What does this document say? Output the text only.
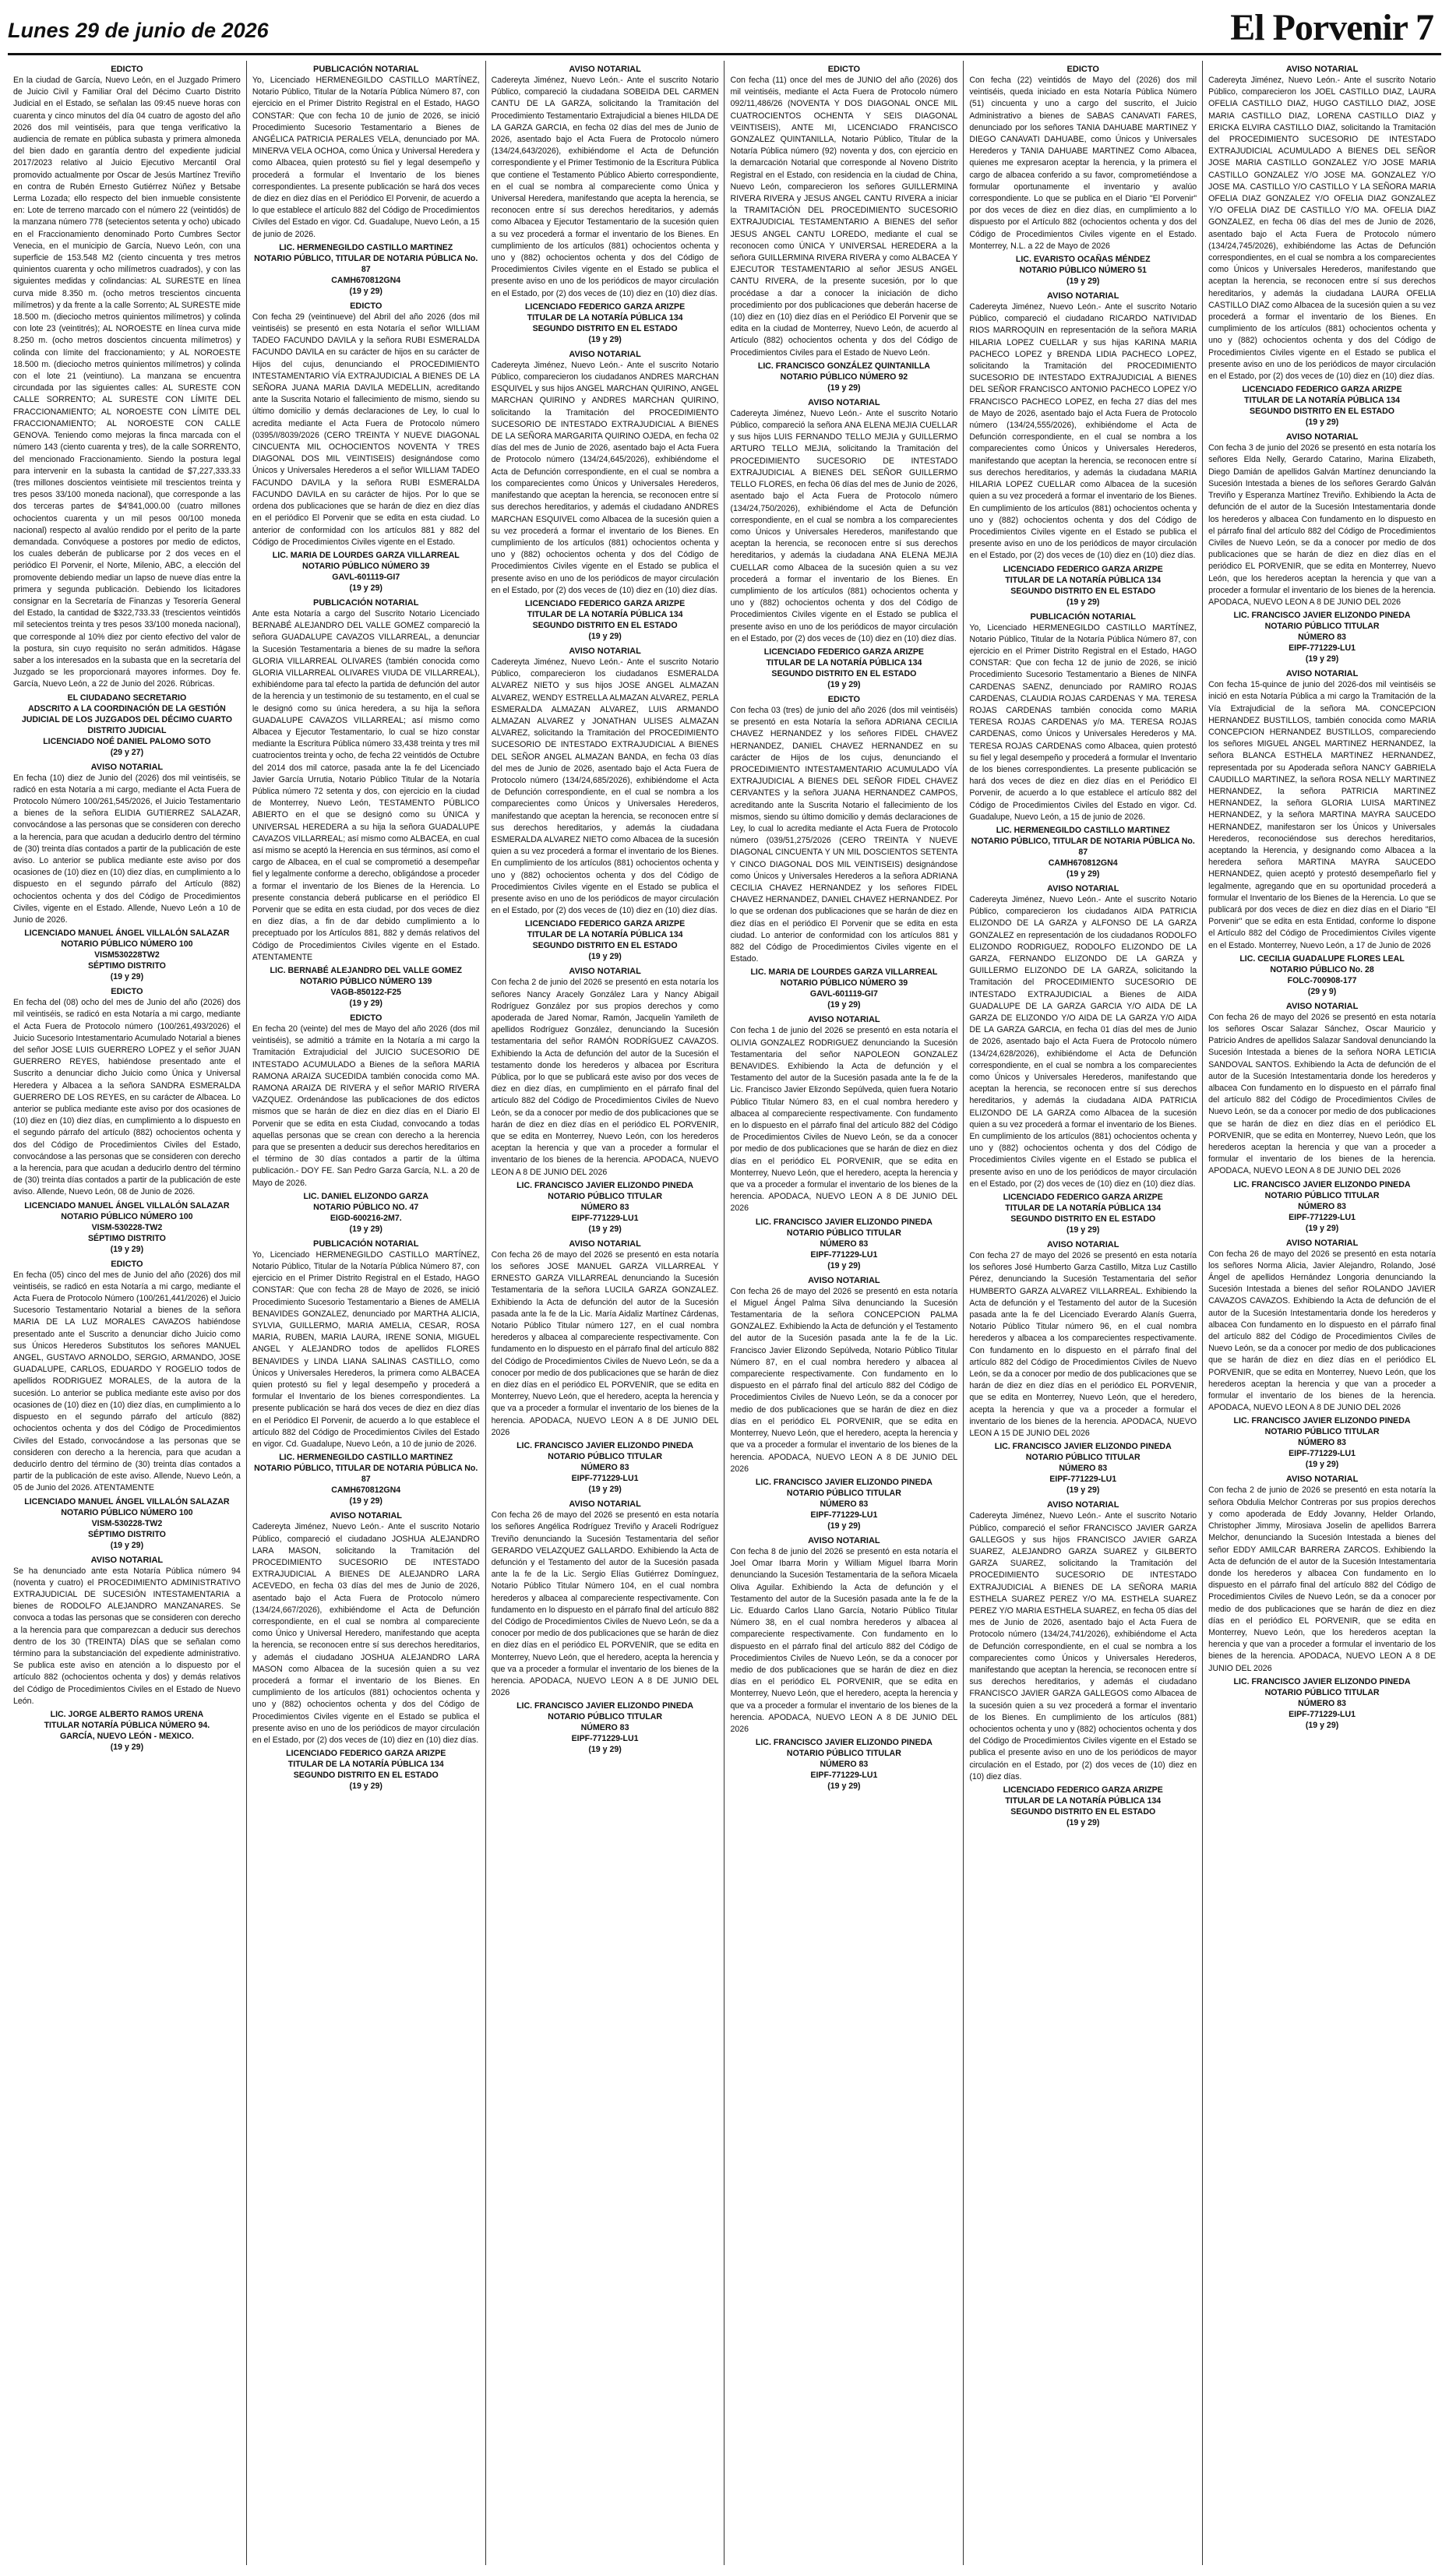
Lunes 29 de junio de 2026	El Porvenir 7
EDICTO
En la ciudad de García, Nuevo León, en el Juzgado Primero de Juicio Civil y Familiar Oral del Décimo Cuarto Distrito Judicial en el Estado, se señalan las 09:45 nueve horas con cuarenta y cinco minutos del día 04 cuatro de agosto del año 2026 dos mil veintiséis, para que tenga verificativo la audiencia de remate en pública subasta y primera almoneda del bien dado en garantía dentro del expediente judicial 2017/2023 relativo al Juicio Ejecutivo Mercantil Oral promovido actualmente por Oscar de Jesús Martínez Treviño en contra de Rubén Ernesto Gutiérrez Núñez y Betsabe Lerma Lozada; ello respecto del bien inmueble consistente en: Lote de terreno marcado con el número 22 (veintidós) de la manzana número 778 (setecientos setenta y ocho) ubicado en el Fraccionamiento denominado Porto Cumbres Sector Venecia, en el municipio de García, Nuevo León, con una superficie de 153.548 M2 (ciento cincuenta y tres metros quinientos cuarenta y ocho milímetros cuadrados), y con las siguientes medidas y colindancias: AL SURESTE en línea curva mide 8.350 m. (ocho metros trescientos cincuenta milímetros) y da frente a la calle Sorrento; AL SURESTE mide 18.500 m. (dieciocho metros quinientos milímetros) y colinda con lote 23 (veintitrés); AL NOROESTE en línea curva mide 8.250 m. (ocho metros doscientos cincuenta milímetros) y colinda con límite del fraccionamiento; y AL NOROESTE 18.500 m. (dieciocho metros quinientos milímetros) y colinda con el lote 21 (veintiuno). La manzana se encuentra circundada por las siguientes calles: AL SURESTE CON CALLE SORRENTO; AL SURESTE CON LÍMITE DEL FRACCIONAMIENTO; AL NOROESTE CON LÍMITE DEL FRACCIONAMIENTO; AL NOROESTE CON CALLE GENOVA. Teniendo como mejoras la finca marcada con el número 143 (ciento cuarenta y tres), de la calle SORRENTO, del mencionado Fraccionamiento. Siendo la postura legal para intervenir en la subasta la cantidad de $7,227,333.33 (tres millones doscientos veintisiete mil trescientos treinta y tres pesos 33/100 moneda nacional), que corresponde a las dos terceras partes de $4'841,000.00 (cuatro millones ochocientos cuarenta y un mil pesos 00/100 moneda nacional) respecto al avalúo rendido por el perito de la parte demandada. Convóquese a postores por medio de edictos, los cuales deberán de publicarse por 2 dos veces en el periódico El Porvenir, el Norte, Milenio, ABC, a elección del promovente debiendo mediar un lapso de nueve días entre la primera y segunda publicación. Debiendo los licitadores consignar en la Secretaría de Finanzas y Tesorería General del Estado, la cantidad de $322,733.33 (trescientos veintidós mil setecientos treinta y tres pesos 33/100 moneda nacional), que corresponde al 10% diez por ciento efectivo del valor de la postura, sin cuyo requisito no serán admitidos. Hágase saber a los interesados en la subasta que en la secretaría del Juzgado se les proporcionará mayores informes. Doy fe. García, Nuevo León, a 22 de Junio del 2026. Rúbricas.
EL CIUDADANO SECRETARIO
ADSCRITO A LA COORDINACIÓN DE LA GESTIÓN JUDICIAL DE LOS JUZGADOS DEL DÉCIMO CUARTO DISTRITO JUDICIAL
LICENCIADO NOÉ DANIEL PALOMO SOTO
(29 y 27)
AVISO NOTARIAL
En fecha (10) diez de Junio del (2026) dos mil veintiséis, se radicó en esta Notaría a mi cargo, mediante el Acta Fuera de Protocolo Número 100/261,545/2026, el Juicio Testamentario a bienes de la señora ELIDIA GUTIERREZ SALAZAR, convocándose a las personas que se consideren con derecho a la herencia, para que acudan a deducirlo dentro del término de (30) treinta días contados a partir de la publicación de este aviso. Lo anterior se publica mediante este aviso por dos ocasiones de (10) diez en (10) diez días, en cumplimiento a lo dispuesto en el segundo párrafo del Artículo (882) ochocientos ochenta y dos del Código de Procedimientos Civiles, vigente en el Estado. Allende, Nuevo León a 10 de Junio de 2026.
LICENCIADO MANUEL ÁNGEL VILLALÓN SALAZAR
NOTARIO PÚBLICO NÚMERO 100
VISM530228TW2
SÉPTIMO DISTRITO
(19 y 29)
EDICTO
En fecha del (08) ocho del mes de Junio del año (2026) dos mil veintiséis, se radicó en esta Notaría a mi cargo, mediante el Acta Fuera de Protocolo número (100/261,493/2026) el Juicio Sucesorio Intestamentario Acumulado Notarial a bienes del señor JOSE LUIS GUERRERO LOPEZ y el señor JUAN GUERRERO REYES, habiéndose presentado ante el Suscrito a denunciar dicho Juicio como Única y Universal Heredera y Albacea a la señora SANDRA ESMERALDA GUERRERO DE LOS REYES, en su carácter de Albacea. Lo anterior se publica mediante este aviso por dos ocasiones de (10) diez en (10) diez días, en cumplimiento a lo dispuesto en el segundo párrafo del artículo (882) ochocientos ochenta y dos del Código de Procedimientos Civiles del Estado, convocándose a las personas que se consideren con derecho a la herencia, para que acudan a deducirlo dentro del término de (30) treinta días contados a partir de la publicación de este aviso. Allende, Nuevo León, 08 de Junio de 2026.
LICENCIADO MANUEL ÁNGEL VILLALÓN SALAZAR
NOTARIO PÚBLICO NÚMERO 100
VISM-530228-TW2
SÉPTIMO DISTRITO
(19 y 29)
EDICTO
En fecha (05) cinco del mes de Junio del año (2026) dos mil veintiséis, se radicó en esta Notaría a mi cargo, mediante el Acta Fuera de Protocolo Número (100/261,441/2026) el Juicio Sucesorio Testamentario Notarial a bienes de la señora MARIA DE LA LUZ MORALES CAVAZOS habiéndose presentado ante el Suscrito a denunciar dicho Juicio como sus Únicos Herederos Substitutos los señores MANUEL ANGEL, GUSTAVO ARNOLDO, SERGIO, ARMANDO, JOSE GUADALUPE, CARLOS, EDUARDO Y ROGELIO todos de apellidos RODRIGUEZ MORALES, de la autora de la sucesión. Lo anterior se publica mediante este aviso por dos ocasiones de (10) diez en (10) diez días, en cumplimiento a lo dispuesto en el segundo párrafo del artículo (882) ochocientos ochenta y dos del Código de Procedimientos Civiles del Estado, convocándose a las personas que se consideren con derecho a la herencia, para que acudan a deducirlo dentro del término de (30) treinta días contados a partir de la publicación de este aviso. Allende, Nuevo León, a 05 de Junio del 2026. ATENTAMENTE
LICENCIADO MANUEL ÁNGEL VILLALÓN SALAZAR
NOTARIO PÚBLICO NÚMERO 100
VISM-530228-TW2
SÉPTIMO DISTRITO
(19 y 29)
AVISO NOTARIAL
Se ha denunciado ante esta Notaría Pública número 94 (noventa y cuatro) el PROCEDIMIENTO ADMINISTRATIVO EXTRAJUDICIAL DE SUCESIÓN INTESTAMENTARIA a bienes de RODOLFO ALEJANDRO MANZANARES. Se convoca a todas las personas que se consideren con derecho a la herencia para que comparezcan a deducir sus derechos dentro de los 30 (TREINTA) DÍAS que se señalan como término para la substanciación del expediente administrativo. Se publica este aviso en atención a lo dispuesto por el artículo 882 (ochocientos ochenta y dos) y demás relativos del Código de Procedimientos Civiles en el Estado de Nuevo León.
LIC. JORGE ALBERTO RAMOS URENA
TITULAR NOTARÍA PÚBLICA NÚMERO 94.
GARCÍA, NUEVO LEÓN - MEXICO.
(19 y 29)
PUBLICACIÓN NOTARIAL
Yo, Licenciado HERMENEGILDO CASTILLO MARTÍNEZ, Notario Público, Titular de la Notaría Pública Número 87, con ejercicio en el Primer Distrito Registral en el Estado, HAGO CONSTAR: Que con fecha 10 de junio de 2026, se inició Procedimiento Sucesorio Testamentario a Bienes de ANGÉLICA PATRICIA PERALES VELA, denunciado por MA. MINERVA VELA OCHOA, como Única y Universal Heredera y como Albacea, quien protestó su fiel y legal desempeño y procederá a formular el Inventario de los bienes correspondientes. La presente publicación se hará dos veces de diez en diez días en el Periódico El Porvenir, de acuerdo a lo que establece el artículo 882 del Código de Procedimientos Civiles del Estado en vigor. Cd. Guadalupe, Nuevo León, a 15 de junio de 2026.
LIC. HERMENEGILDO CASTILLO MARTINEZ
NOTARIO PÚBLICO, TITULAR DE NOTARIA PÚBLICA No. 87
CAMH670812GN4
(19 y 29)
EDICTO
Con fecha 29 (veintinueve) del Abril del año 2026 (dos mil veintiséis) se presentó en esta Notaría el señor WILLIAM TADEO FACUNDO DAVILA y la señora RUBI ESMERALDA FACUNDO DAVILA en su carácter de hijos en su carácter de Hijos del cujus, denunciando el PROCEDIMIENTO INTESTAMENTARIO VÍA EXTRAJUDICIAL A BIENES DE LA SEÑORA JUANA MARIA DAVILA MEDELLIN, acreditando ante la Suscrita Notario el fallecimiento de mismo, siendo su último domicilio y demás declaraciones de Ley, lo cual lo acredita mediante el Acta Fuera de Protocolo número (0395/I/8039/2026 (CERO TREINTA Y NUEVE DIAGONAL CINCUENTA MIL OCHOCIENTOS NOVENTA Y TRES DIAGONAL DOS MIL VEINTISEIS) designándose como Únicos y Universales Herederos a el señor WILLIAM TADEO FACUNDO DAVILA y la señora RUBI ESMERALDA FACUNDO DAVILA en su carácter de hijos. Por lo que se ordena dos publicaciones que se harán de diez en diez días en el periódico El Porvenir que se edita en esta ciudad. Lo anterior de conformidad con los artículos 881 y 882 del Código de Procedimientos Civiles vigente en el Estado.
LIC. MARIA DE LOURDES GARZA VILLARREAL
NOTARIO PÚBLICO NÚMERO 39
GAVL-601119-GI7
(19 y 29)
PUBLICACIÓN NOTARIAL
Ante esta Notaría a cargo del Suscrito Notario Licenciado BERNABÉ ALEJANDRO DEL VALLE GOMEZ compareció la señora GUADALUPE CAVAZOS VILLARREAL, a denunciar la Sucesión Testamentaria a bienes de su madre la señora GLORIA VILLARREAL OLIVARES (también conocida como GLORIA VILLARREAL OLIVARES VIUDA DE VILLARREAL), exhibiéndome para tal efecto la partida de defunción del autor de la herencia y un testimonio de su testamento, en el cual se le designó como su única heredera, a su hija la señora GUADALUPE CAVAZOS VILLARREAL; así mismo como Albacea y Ejecutor Testamentario, lo cual se hizo constar mediante la Escritura Pública número 33,438 treinta y tres mil cuatrocientos treinta y ocho, de fecha 22 veintidós de Octubre del 2014 dos mil catorce, pasada ante la fe del Licenciado Javier García Urrutia, Notario Público Titular de la Notaría Pública número 72 setenta y dos, con ejercicio en la ciudad de Monterrey, Nuevo León, TESTAMENTO PÚBLICO ABIERTO en el que se designó como su ÚNICA y UNIVERSAL HEREDERA a su hija la señora GUADALUPE CAVAZOS VILLARREAL; así mismo como ALBACEA, en cual así mismo se aceptó la Herencia en sus términos, así como el cargo de Albacea, en el cual se comprometió a desempeñar fiel y legalmente conforme a derecho, obligándose a proceder a formar el inventario de los Bienes de la Herencia. Lo presente constancia deberá publicarse en el periódico El Porvenir que se edita en esta ciudad, por dos veces de diez en diez días, a fin de dar debido cumplimiento a lo preceptuado por los Artículos 881, 882 y demás relativos del Código de Procedimientos Civiles vigente en el Estado. ATENTAMENTE
LIC. BERNABÉ ALEJANDRO DEL VALLE GOMEZ
NOTARIO PÚBLICO NÚMERO 139
VAGB-850122-F25
(19 y 29)
EDICTO
En fecha 20 (veinte) del mes de Mayo del año 2026 (dos mil veintiséis), se admitió a trámite en la Notaría a mi cargo la Tramitación Extrajudicial del JUICIO SUCESORIO DE INTESTADO ACUMULADO a Bienes de la señora MARIA RAMONA ARAIZA SUCEDIDA también conocida como MA. RAMONA ARAIZA DE RIVERA y el señor MARIO RIVERA VAZQUEZ. Ordenándose las publicaciones de dos edictos mismos que se harán de diez en diez días en el Diario El Porvenir que se edita en esta Ciudad, convocando a todas aquellas personas que se crean con derecho a la herencia para que se presenten a deducir sus derechos hereditarios en el término de 30 días contados a partir de la última publicación.- DOY FE. San Pedro Garza García, N.L. a 20 de Mayo de 2026.
LIC. DANIEL ELIZONDO GARZA
NOTARIO PÚBLICO NO. 47
EIGD-600216-2M7.
(19 y 29)
PUBLICACIÓN NOTARIAL
Yo, Licenciado HERMENEGILDO CASTILLO MARTÍNEZ, Notario Público, Titular de la Notaría Pública Número 87, con ejercicio en el Primer Distrito Registral en el Estado, HAGO CONSTAR: Que con fecha 28 de Mayo de 2026, se inició Procedimiento Sucesorio Testamentario a Bienes de AMELIA BENAVIDES GONZALEZ, denunciado por MARTHA ALICIA, SYLVIA, GUILLERMO, MARIA AMELIA, CESAR, ROSA MARIA, RUBEN, MARIA LAURA, IRENE SONIA, MIGUEL ANGEL Y ALEJANDRO todos de apellidos FLORES BENAVIDES y LINDA LIANA SALINAS CASTILLO, como Únicos y Universales Herederos, la primera como ALBACEA quien protestó su fiel y legal desempeño y procederá a formular el Inventario de los bienes correspondientes. La presente publicación se hará dos veces de diez en diez días en el Periódico El Porvenir, de acuerdo a lo que establece el artículo 882 del Código de Procedimientos Civiles del Estado en vigor. Cd. Guadalupe, Nuevo León, a 10 de junio de 2026.
LIC. HERMENEGILDO CASTILLO MARTINEZ
NOTARIO PÚBLICO, TITULAR DE NOTARIA PÚBLICA No. 87
CAMH670812GN4
(19 y 29)
AVISO NOTARIAL
Cadereyta Jiménez, Nuevo León.- Ante el suscrito Notario Público, compareció el ciudadano JOSHUA ALEJANDRO LARA MASON, solicitando la Tramitación del PROCEDIMIENTO SUCESORIO DE INTESTADO EXTRAJUDICIAL A BIENES DE ALEJANDRO LARA ACEVEDO, en fecha 03 días del mes de Junio de 2026, asentado bajo el Acta Fuera de Protocolo número (134/24,667/2026), exhibiéndome el Acta de Defunción correspondiente, en el cual se nombra al compareciente como Único y Universal Heredero, manifestando que acepta la herencia, se reconocen entre sí sus derechos hereditarios, y además el ciudadano JOSHUA ALEJANDRO LARA MASON como Albacea de la sucesión quien a su vez procederá a formar el inventario de los Bienes. En cumplimiento de los artículos (881) ochocientos ochenta y uno y (882) ochocientos ochenta y dos del Código de Procedimientos Civiles vigente en el Estado se publica el presente aviso en uno de los periódicos de mayor circulación en el Estado, por (2) dos veces de (10) diez en (10) diez días.
LICENCIADO FEDERICO GARZA ARIZPE
TITULAR DE LA NOTARÍA PÚBLICA 134
SEGUNDO DISTRITO EN EL ESTADO
(19 y 29)
AVISO NOTARIAL
Cadereyta Jiménez, Nuevo León.- Ante el suscrito Notario Público, compareció la ciudadana SOBEIDA DEL CARMEN CANTU DE LA GARZA, solicitando la Tramitación del Procedimiento Testamentario Extrajudicial a bienes HILDA DE LA GARZA GARCIA, en fecha 02 días del mes de Junio de 2026, asentado bajo el Acta Fuera de Protocolo número (134/24,643/2026), exhibiéndome el Acta de Defunción correspondiente y el Primer Testimonio de la Escritura Pública que contiene el Testamento Público Abierto correspondiente, en el cual se nombra al compareciente como Única y Universal Heredera, manifestando que acepta la herencia, se reconocen entre sí sus derechos hereditarios, y además como Albacea y Ejecutor Testamentario de la sucesión quien a su vez procederá a formar el inventario de los Bienes. En cumplimiento de los artículos (881) ochocientos ochenta y uno y (882) ochocientos ochenta y dos del Código de Procedimientos Civiles vigente en el Estado se publica el presente aviso en uno de los periódicos de mayor circulación en el Estado, por (2) dos veces de (10) diez en (10) diez días.
LICENCIADO FEDERICO GARZA ARIZPE
TITULAR DE LA NOTARÍA PÚBLICA 134
SEGUNDO DISTRITO EN EL ESTADO
(19 y 29)
AVISO NOTARIAL
Cadereyta Jiménez, Nuevo León.- Ante el suscrito Notario Público, comparecieron los ciudadanos ANDRES MARCHAN ESQUIVEL y sus hijos ANGEL MARCHAN QUIRINO, ANGEL MARCHAN QUIRINO y ANDRES MARCHAN QUIRINO, solicitando la Tramitación del PROCEDIMIENTO SUCESORIO DE INTESTADO EXTRAJUDICIAL A BIENES DE LA SEÑORA MARGARITA QUIRINO OJEDA, en fecha 02 días del mes de Junio de 2026, asentado bajo el Acta Fuera de Protocolo número (134/24,645/2026), exhibiéndome el Acta de Defunción correspondiente, en el cual se nombra a los comparecientes como Únicos y Universales Herederos, manifestando que aceptan la herencia, se reconocen entre sí sus derechos hereditarios, y además el ciudadano ANDRES MARCHAN ESQUIVEL como Albacea de la sucesión quien a su vez procederá a formar el inventario de los Bienes. En cumplimiento de los artículos (881) ochocientos ochenta y uno y (882) ochocientos ochenta y dos del Código de Procedimientos Civiles vigente en el Estado se publica el presente aviso en uno de los periódicos de mayor circulación en el Estado, por (2) dos veces de (10) diez en (10) diez días.
LICENCIADO FEDERICO GARZA ARIZPE
TITULAR DE LA NOTARÍA PÚBLICA 134
SEGUNDO DISTRITO EN EL ESTADO
(19 y 29)
AVISO NOTARIAL
Cadereyta Jiménez, Nuevo León.- Ante el suscrito Notario Público, comparecieron los ciudadanos ESMERALDA ALVAREZ NIETO y sus hijos JOSE ANGEL ALMAZAN ALVAREZ, WENDY ESTRELLA ALMAZAN ALVAREZ, PERLA ESMERALDA ALMAZAN ALVAREZ, LUIS ARMANDO ALMAZAN ALVAREZ y JONATHAN ULISES ALMAZAN ALVAREZ, solicitando la Tramitación del PROCEDIMIENTO SUCESORIO DE INTESTADO EXTRAJUDICIAL A BIENES DEL SEÑOR ANGEL ALMAZAN BANDA, en fecha 03 días del mes de Junio de 2026, asentado bajo el Acta Fuera de Protocolo número (134/24,685/2026), exhibiéndome el Acta de Defunción correspondiente, en el cual se nombra a los comparecientes como Únicos y Universales Herederos, manifestando que aceptan la herencia, se reconocen entre sí sus derechos hereditarios, y además la ciudadana ESMERALDA ALVAREZ NIETO como Albacea de la sucesión quien a su vez procederá a formar el inventario de los Bienes. En cumplimiento de los artículos (881) ochocientos ochenta y uno y (882) ochocientos ochenta y dos del Código de Procedimientos Civiles vigente en el Estado se publica el presente aviso en uno de los periódicos de mayor circulación en el Estado, por (2) dos veces de (10) diez en (10) diez días.
LICENCIADO FEDERICO GARZA ARIZPE
TITULAR DE LA NOTARÍA PÚBLICA 134
SEGUNDO DISTRITO EN EL ESTADO
(19 y 29)
AVISO NOTARIAL
Con fecha 2 de junio del 2026 se presentó en esta notaría los señores Nancy Aracely González Lara y Nancy Abigail Rodríguez González por sus propios derechos y como apoderada de Jared Nomar, Ramón, Jacquelin Yamileth de apellidos Rodríguez González, denunciando la Sucesión testamentaria del señor RAMÓN RODRÍGUEZ CAVAZOS. Exhibiendo la Acta de defunción del autor de la Sucesión el testamento donde los herederos y albacea por Escritura Pública, por lo que se publicará este aviso por dos veces de diez en diez días, en cumplimiento en el párrafo final del artículo 882 del Código de Procedimientos Civiles de Nuevo León, se da a conocer por medio de dos publicaciones que se harán de diez en diez días en el periódico EL PORVENIR, que se edita en Monterrey, Nuevo León, con los herederos aceptan la herencia y que van a proceder a formular el inventario de los bienes de la herencia. APODACA, NUEVO LEON A 8 DE JUNIO DEL 2026
LIC. FRANCISCO JAVIER ELIZONDO PINEDA
NOTARIO PÚBLICO TITULAR
NÚMERO 83
EIPF-771229-LU1
(19 y 29)
AVISO NOTARIAL
Con fecha 26 de mayo del 2026 se presentó en esta notaría los señores JOSE MANUEL GARZA VILLARREAL Y ERNESTO GARZA VILLARREAL denunciando la Sucesión Testamentaria de la señora LUCILA GARZA GONZALEZ. Exhibiendo la Acta de defunción del autor de la Sucesión pasada ante la fe de la Lic. María Aidaliz Martínez Cárdenas, Notario Público Titular número 127, en el cual nombra herederos y albacea al compareciente respectivamente. Con fundamento en lo dispuesto en el párrafo final del artículo 882 del Código de Procedimientos Civiles de Nuevo León, se da a conocer por medio de dos publicaciones que se harán de diez en diez días en el periódico EL PORVENIR, que se edita en Monterrey, Nuevo León, que el heredero, acepta la herencia y que va a proceder a formular el inventario de los bienes de la herencia. APODACA, NUEVO LEON A 8 DE JUNIO DEL 2026
LIC. FRANCISCO JAVIER ELIZONDO PINEDA
NOTARIO PÚBLICO TITULAR
NÚMERO 83
EIPF-771229-LU1
(19 y 29)
AVISO NOTARIAL
Con fecha 26 de mayo del 2026 se presentó en esta notaría los señores Angélica Rodríguez Treviño y Araceli Rodríguez Treviño denunciando la Sucesión Testamentaria del señor GERARDO VELAZQUEZ GALLARDO. Exhibiendo la Acta de defunción y el Testamento del autor de la Sucesión pasada ante la fe de la Lic. Sergio Elías Gutiérrez Domínguez, Notario Público Titular Número 104, en el cual nombra herederos y albacea al compareciente respectivamente. Con fundamento en lo dispuesto en el párrafo final del artículo 882 del Código de Procedimientos Civiles de Nuevo León, se da a conocer por medio de dos publicaciones que se harán de diez en diez días en el periódico EL PORVENIR, que se edita en Monterrey, Nuevo León, que el heredero, acepta la herencia y que va a proceder a formular el inventario de los bienes de la herencia. APODACA, NUEVO LEON A 8 DE JUNIO DEL 2026
LIC. FRANCISCO JAVIER ELIZONDO PINEDA
NOTARIO PÚBLICO TITULAR
NÚMERO 83
EIPF-771229-LU1
(19 y 29)
EDICTO
Con fecha (11) once del mes de JUNIO del año (2026) dos mil veintiséis, mediante el Acta Fuera de Protocolo número 092/11,486/26 (NOVENTA Y DOS DIAGONAL ONCE MIL CUATROCIENTOS OCHENTA Y SEIS DIAGONAL VEINTISEIS), ANTE MI, LICENCIADO FRANCISCO GONZALEZ QUINTANILLA, Notario Público, Titular de la Notaría Pública número (92) noventa y dos, con ejercicio en la demarcación Notarial que corresponde al Noveno Distrito Registral en el Estado, con residencia en la ciudad de China, Nuevo León, comparecieron los señores GUILLERMINA RIVERA RIVERA y JESUS ANGEL CANTU RIVERA a iniciar la TRAMITACIÓN DEL PROCEDIMIENTO SUCESORIO EXTRAJUDICIAL TESTAMENTARIO A BIENES del señor JESUS ANGEL CANTU LOREDO, mediante el cual se reconocen como ÚNICA Y UNIVERSAL HEREDERA a la señora GUILLERMINA RIVERA RIVERA y como ALBACEA Y EJECUTOR TESTAMENTARIO al señor JESUS ANGEL CANTU RIVERA, de la presente sucesión, por lo que procédase a dar a conocer la iniciación de dicho procedimiento por dos publicaciones que deberán hacerse de (10) diez en (10) diez días en el Periódico El Porvenir que se edita en la ciudad de Monterrey, Nuevo León, de acuerdo al Artículo (882) ochocientos ochenta y dos del Código de Procedimientos Civiles para el Estado de Nuevo León.
LIC. FRANCISCO GONZÁLEZ QUINTANILLA
NOTARIO PÚBLICO NÚMERO 92
(19 y 29)
AVISO NOTARIAL
Cadereyta Jiménez, Nuevo León.- Ante el suscrito Notario Público, compareció la señora ANA ELENA MEJIA CUELLAR y sus hijos LUIS FERNANDO TELLO MEJIA y GUILLERMO ARTURO TELLO MEJIA, solicitando la Tramitación del PROCEDIMIENTO SUCESORIO DE INTESTADO EXTRAJUDICIAL A BIENES DEL SEÑOR GUILLERMO TELLO FLORES, en fecha 06 días del mes de Junio de 2026, asentado bajo el Acta Fuera de Protocolo número (134/24,750/2026), exhibiéndome el Acta de Defunción correspondiente, en el cual se nombra a los comparecientes como Únicos y Universales Herederos, manifestando que aceptan la herencia, se reconocen entre sí sus derechos hereditarios, y además la ciudadana ANA ELENA MEJIA CUELLAR como Albacea de la sucesión quien a su vez procederá a formar el inventario de los Bienes. En cumplimiento de los artículos (881) ochocientos ochenta y uno y (882) ochocientos ochenta y dos del Código de Procedimientos Civiles vigente en el Estado se publica el presente aviso en uno de los periódicos de mayor circulación en el Estado, por (2) dos veces de (10) diez en (10) diez días.
LICENCIADO FEDERICO GARZA ARIZPE
TITULAR DE LA NOTARÍA PÚBLICA 134
SEGUNDO DISTRITO EN EL ESTADO
(19 y 29)
EDICTO
Con fecha 03 (tres) de junio del año 2026 (dos mil veintiséis) se presentó en esta Notaría la señora ADRIANA CECILIA CHAVEZ HERNANDEZ y los señores FIDEL CHAVEZ HERNANDEZ, DANIEL CHAVEZ HERNANDEZ en su carácter de Hijos de los cujus, denunciando el PROCEDIMIENTO INTESTAMENTARIO ACUMULADO VÍA EXTRAJUDICIAL A BIENES DEL SEÑOR FIDEL CHAVEZ CERVANTES y la señora JUANA HERNANDEZ CAMPOS, acreditando ante la Suscrita Notario el fallecimiento de los mismos, siendo su último domicilio y demás declaraciones de Ley, lo cual lo acredita mediante el Acta Fuera de Protocolo número (039/51,275/2026 (CERO TREINTA Y NUEVE DIAGONAL CINCUENTA Y UN MIL DOSCIENTOS SETENTA Y CINCO DIAGONAL DOS MIL VEINTISEIS) designándose como Únicos y Universales Herederos a la señora ADRIANA CECILIA CHAVEZ HERNANDEZ y los señores FIDEL CHAVEZ HERNANDEZ, DANIEL CHAVEZ HERNANDEZ. Por lo que se ordenan dos publicaciones que se harán de diez en diez días en el periódico El Porvenir que se edita en esta ciudad. Lo anterior de conformidad con los artículos 881 y 882 del Código de Procedimientos Civiles vigente en el Estado.
LIC. MARIA DE LOURDES GARZA VILLARREAL
NOTARIO PÚBLICO NÚMERO 39
GAVL-601119-GI7
(19 y 29)
AVISO NOTARIAL
Con fecha 1 de junio del 2026 se presentó en esta notaría el OLIVIA GONZALEZ RODRIGUEZ denunciando la Sucesión Testamentaria del señor NAPOLEON GONZALEZ BENAVIDES. Exhibiendo la Acta de defunción y el Testamento del autor de la Sucesión pasada ante la fe de la Lic. Francisco Javier Elizondo Sepúlveda, quien fuera Notario Público Titular Número 83, en el cual nombra heredero y albacea al compareciente respectivamente. Con fundamento en lo dispuesto en el párrafo final del artículo 882 del Código de Procedimientos Civiles de Nuevo León, se da a conocer por medio de dos publicaciones que se harán de diez en diez días en el periódico EL PORVENIR, que se edita en Monterrey, Nuevo León, que el heredero, acepta la herencia y que va a proceder a formular el inventario de los bienes de la herencia. APODACA, NUEVO LEON A 8 DE JUNIO DEL 2026
LIC. FRANCISCO JAVIER ELIZONDO PINEDA
NOTARIO PÚBLICO TITULAR
NÚMERO 83
EIPF-771229-LU1
(19 y 29)
AVISO NOTARIAL
Con fecha 26 de mayo del 2026 se presentó en esta notaría el Miguel Ángel Palma Silva denunciando la Sucesión Testamentaria de la señora CONCEPCION PALMA GONZALEZ. Exhibiendo la Acta de defunción y el Testamento del autor de la Sucesión pasada ante la fe de la Lic. Francisco Javier Elizondo Sepúlveda, Notario Público Titular Número 87, en el cual nombra heredero y albacea al compareciente respectivamente. Con fundamento en lo dispuesto en el párrafo final del artículo 882 del Código de Procedimientos Civiles de Nuevo León, se da a conocer por medio de dos publicaciones que se harán de diez en diez días en el periódico EL PORVENIR, que se edita en Monterrey, Nuevo León, que el heredero, acepta la herencia y que va a proceder a formular el inventario de los bienes de la herencia. APODACA, NUEVO LEON A 8 DE JUNIO DEL 2026
LIC. FRANCISCO JAVIER ELIZONDO PINEDA
NOTARIO PÚBLICO TITULAR
NÚMERO 83
EIPF-771229-LU1
(19 y 29)
AVISO NOTARIAL
Con fecha 8 de junio del 2026 se presentó en esta notaría el Joel Omar Ibarra Morin y William Miguel Ibarra Morin denunciando la Sucesión Testamentaria de la señora Micaela Oliva Aguilar. Exhibiendo la Acta de defunción y el Testamento del autor de la Sucesión pasada ante la fe de la Lic. Eduardo Carlos Llano García, Notario Público Titular Número 38, en el cual nombra herederos y albacea al compareciente respectivamente. Con fundamento en lo dispuesto en el párrafo final del artículo 882 del Código de Procedimientos Civiles de Nuevo León, se da a conocer por medio de dos publicaciones que se harán de diez en diez días en el periódico EL PORVENIR, que se edita en Monterrey, Nuevo León, que el heredero, acepta la herencia y que va a proceder a formular el inventario de los bienes de la herencia. APODACA, NUEVO LEON A 8 DE JUNIO DEL 2026
LIC. FRANCISCO JAVIER ELIZONDO PINEDA
NOTARIO PÚBLICO TITULAR
NÚMERO 83
EIPF-771229-LU1
(19 y 29)
EDICTO
Con fecha (22) veintidós de Mayo del (2026) dos mil veintiséis, queda iniciado en esta Notaría Pública Número (51) cincuenta y uno a cargo del suscrito, el Juicio Administrativo a bienes de SABAS CANAVATI FARES, denunciado por los señores TANIA DAHUABE MARTINEZ Y DIEGO CANAVATI DAHUABE, como Únicos y Universales Herederos y TANIA DAHUABE MARTINEZ Como Albacea, quienes me expresaron aceptar la herencia, y la primera el cargo de albacea conferido a su favor, comprometiéndose a formular oportunamente el inventario y avalúo correspondiente. Lo que se publica en el Diario "El Porvenir" por dos veces de diez en diez días, en cumplimiento a lo dispuesto por el Artículo 882 (ochocientos ochenta y dos del Código de Procedimientos Civiles vigente en el Estado. Monterrey, N.L. a 22 de Mayo de 2026
LIC. EVARISTO OCAÑAS MÉNDEZ
NOTARIO PÚBLICO NÚMERO 51
(19 y 29)
AVISO NOTARIAL
Cadereyta Jiménez, Nuevo León.- Ante el suscrito Notario Público, compareció el ciudadano RICARDO NATIVIDAD RIOS MARROQUIN en representación de la señora MARIA HILARIA LOPEZ CUELLAR y sus hijas KARINA MARIA PACHECO LOPEZ y BRENDA LIDIA PACHECO LOPEZ, solicitando la Tramitación del PROCEDIMIENTO SUCESORIO DE INTESTADO EXTRAJUDICIAL A BIENES DEL SEÑOR FRANCISCO ANTONIO PACHECO LOPEZ Y/O FRANCISCO PACHECO LOPEZ, en fecha 27 días del mes de Mayo de 2026, asentado bajo el Acta Fuera de Protocolo número (134/24,555/2026), exhibiéndome el Acta de Defunción correspondiente, en el cual se nombra a los comparecientes como Únicos y Universales Herederos, manifestando que aceptan la herencia, se reconocen entre sí sus derechos hereditarios, y además la ciudadana MARIA HILARIA LOPEZ CUELLAR como Albacea de la sucesión quien a su vez procederá a formar el inventario de los Bienes. En cumplimiento de los artículos (881) ochocientos ochenta y uno y (882) ochocientos ochenta y dos del Código de Procedimientos Civiles vigente en el Estado se publica el presente aviso en uno de los periódicos de mayor circulación en el Estado, por (2) dos veces de (10) diez en (10) diez días.
LICENCIADO FEDERICO GARZA ARIZPE
TITULAR DE LA NOTARÍA PÚBLICA 134
SEGUNDO DISTRITO EN EL ESTADO
(19 y 29)
PUBLICACIÓN NOTARIAL
Yo, Licenciado HERMENEGILDO CASTILLO MARTÍNEZ, Notario Público, Titular de la Notaría Pública Número 87, con ejercicio en el Primer Distrito Registral en el Estado, HAGO CONSTAR: Que con fecha 12 de junio de 2026, se inició Procedimiento Sucesorio Testamentario a Bienes de NINFA CARDENAS SAENZ, denunciado por RAMIRO ROJAS CARDENAS, CLAUDIA ROJAS CARDENAS Y MA. TERESA ROJAS CARDENAS también conocida como MARIA TERESA ROJAS CARDENAS y/o MA. TERESA ROJAS CARDENAS, como Únicos y Universales Herederos y MA. TERESA ROJAS CARDENAS como Albacea, quien protestó su fiel y legal desempeño y procederá a formular el Inventario de los bienes correspondientes. La presente publicación se hará dos veces de diez en diez días en el Periódico El Porvenir, de acuerdo a lo que establece el artículo 882 del Código de Procedimientos Civiles del Estado en vigor. Cd. Guadalupe, Nuevo León, a 15 de junio de 2026.
LIC. HERMENEGILDO CASTILLO MARTINEZ
NOTARIO PÚBLICO, TITULAR DE NOTARIA PÚBLICA No. 87
CAMH670812GN4
(19 y 29)
AVISO NOTARIAL
Cadereyta Jiménez, Nuevo León.- Ante el suscrito Notario Público, comparecieron los ciudadanos AIDA PATRICIA ELIZONDO DE LA GARZA y ALFONSO DE LA GARZA GONZALEZ en representación de los ciudadanos RODOLFO ELIZONDO RODRIGUEZ, RODOLFO ELIZONDO DE LA GARZA, FERNANDO ELIZONDO DE LA GARZA y GUILLERMO ELIZONDO DE LA GARZA, solicitando la Tramitación del PROCEDIMIENTO SUCESORIO DE INTESTADO EXTRAJUDICIAL a Bienes de AIDA GUADALUPE DE LA GARZA GARCIA Y/O AIDA DE LA GARZA DE ELIZONDO Y/O AIDA DE LA GARZA Y/O AIDA DE LA GARZA GARCIA, en fecha 01 días del mes de Junio de 2026, asentado bajo el Acta Fuera de Protocolo número (134/24,628/2026), exhibiéndome el Acta de Defunción correspondiente, en el cual se nombra a los comparecientes como Únicos y Universales Herederos, manifestando que aceptan la herencia, se reconocen entre sí sus derechos hereditarios, y además la ciudadana AIDA PATRICIA ELIZONDO DE LA GARZA como Albacea de la sucesión quien a su vez procederá a formar el inventario de los Bienes. En cumplimiento de los artículos (881) ochocientos ochenta y uno y (882) ochocientos ochenta y dos del Código de Procedimientos Civiles vigente en el Estado se publica el presente aviso en uno de los periódicos de mayor circulación en el Estado, por (2) dos veces de (10) diez en (10) diez días.
LICENCIADO FEDERICO GARZA ARIZPE
TITULAR DE LA NOTARÍA PÚBLICA 134
SEGUNDO DISTRITO EN EL ESTADO
(19 y 29)
AVISO NOTARIAL
Con fecha 27 de mayo del 2026 se presentó en esta notaría los señores José Humberto Garza Castillo, Mitza Luz Castillo Pérez, denunciando la Sucesión Testamentaria del señor HUMBERTO GARZA ALVAREZ VILLARREAL. Exhibiendo la Acta de defunción y el Testamento del autor de la Sucesión pasada ante la fe del Licenciado Everardo Alanís Guerra, Notario Público Titular número 96, en el cual nombra herederos y albacea a los comparecientes respectivamente. Con fundamento en lo dispuesto en el párrafo final del artículo 882 del Código de Procedimientos Civiles de Nuevo León, se da a conocer por medio de dos publicaciones que se harán de diez en diez días en el periódico EL PORVENIR, que se edita en Monterrey, Nuevo León, que el heredero, acepta la herencia y que va a proceder a formular el inventario de los bienes de la herencia. APODACA, NUEVO LEON A 15 DE JUNIO DEL 2026
LIC. FRANCISCO JAVIER ELIZONDO PINEDA
NOTARIO PÚBLICO TITULAR
NÚMERO 83
EIPF-771229-LU1
(19 y 29)
AVISO NOTARIAL
Cadereyta Jiménez, Nuevo León.- Ante el suscrito Notario Público, compareció el señor FRANCISCO JAVIER GARZA GALLEGOS y sus hijos FRANCISCO JAVIER GARZA SUAREZ, ALEJANDRO GARZA SUAREZ y GILBERTO GARZA SUAREZ, solicitando la Tramitación del PROCEDIMIENTO SUCESORIO DE INTESTADO EXTRAJUDICIAL A BIENES DE LA SEÑORA MARIA ESTHELA SUAREZ PEREZ Y/O MA. ESTHELA SUAREZ PEREZ Y/O MARIA ESTHELA SUAREZ, en fecha 05 días del mes de Junio de 2026, asentado bajo el Acta Fuera de Protocolo número (134/24,741/2026), exhibiéndome el Acta de Defunción correspondiente, en el cual se nombra a los comparecientes como Únicos y Universales Herederos, manifestando que aceptan la herencia, se reconocen entre sí sus derechos hereditarios, y además el ciudadano FRANCISCO JAVIER GARZA GALLEGOS como Albacea de la sucesión quien a su vez procederá a formar el inventario de los Bienes. En cumplimiento de los artículos (881) ochocientos ochenta y uno y (882) ochocientos ochenta y dos del Código de Procedimientos Civiles vigente en el Estado se publica el presente aviso en uno de los periódicos de mayor circulación en el Estado, por (2) dos veces de (10) diez en (10) diez días.
LICENCIADO FEDERICO GARZA ARIZPE
TITULAR DE LA NOTARÍA PÚBLICA 134
SEGUNDO DISTRITO EN EL ESTADO
(19 y 29)
AVISO NOTARIAL
Cadereyta Jiménez, Nuevo León.- Ante el suscrito Notario Público, comparecieron los JOEL CASTILLO DIAZ, LAURA OFELIA CASTILLO DIAZ, HUGO CASTILLO DIAZ, JOSE MARIA CASTILLO DIAZ, LORENA CASTILLO DIAZ y ERICKA ELVIRA CASTILLO DIAZ, solicitando la Tramitación del PROCEDIMIENTO SUCESORIO DE INTESTADO EXTRAJUDICIAL ACUMULADO A BIENES DEL SEÑOR JOSE MARIA CASTILLO GONZALEZ Y/O JOSE MARIA CASTILLO GONZALEZ Y/O JOSE MA. GONZALEZ Y/O JOSE MA. CASTILLO Y/O CASTILLO Y LA SEÑORA MARIA OFELIA DIAZ GONZALEZ Y/O OFELIA DIAZ GONZALEZ Y/O OFELIA DIAZ DE CASTILLO Y/O MA. OFELIA DIAZ GONZALEZ, en fecha 06 días del mes de Junio de 2026, asentado bajo el Acta Fuera de Protocolo número (134/24,745/2026), exhibiéndome las Actas de Defunción correspondientes, en el cual se nombra a los comparecientes como Únicos y Universales Herederos, manifestando que aceptan la herencia, se reconocen entre sí sus derechos hereditarios, y además la ciudadana LAURA OFELIA CASTILLO DIAZ como Albacea de la sucesión quien a su vez procederá a formar el inventario de los Bienes. En cumplimiento de los artículos (881) ochocientos ochenta y uno y (882) ochocientos ochenta y dos del Código de Procedimientos Civiles vigente en el Estado se publica el presente aviso en uno de los periódicos de mayor circulación en el Estado, por (2) dos veces de (10) diez en (10) diez días.
LICENCIADO FEDERICO GARZA ARIZPE
TITULAR DE LA NOTARÍA PÚBLICA 134
SEGUNDO DISTRITO EN EL ESTADO
(19 y 29)
AVISO NOTARIAL
Con fecha 3 de junio del 2026 se presentó en esta notaría los señores Elda Nelly, Gerardo Catarino, Marina Elizabeth, Diego Damián de apellidos Galván Martínez denunciando la Sucesión Intestada a bienes de los señores Gerardo Galván Treviño y Esperanza Martínez Treviño. Exhibiendo la Acta de defunción de el autor de la Sucesión Intestamentaria donde los herederos y albacea Con fundamento en lo dispuesto en el párrafo final del artículo 882 del Código de Procedimientos Civiles de Nuevo León, se da a conocer por medio de dos publicaciones que se harán de diez en diez días en el periódico EL PORVENIR, que se edita en Monterrey, Nuevo León, que los herederos aceptan la herencia y que van a proceder a formular el inventario de los bienes de la herencia. APODACA, NUEVO LEON A 8 DE JUNIO DEL 2026
LIC. FRANCISCO JAVIER ELIZONDO PINEDA
NOTARIO PÚBLICO TITULAR
NÚMERO 83
EIPF-771229-LU1
(19 y 29)
AVISO NOTARIAL
Con fecha 15-quince de junio del 2026-dos mil veintiséis se inició en esta Notaría Pública a mi cargo la Tramitación de la Vía Extrajudicial de la señora MA. CONCEPCION HERNANDEZ BUSTILLOS, también conocida como MARIA CONCEPCION HERNANDEZ BUSTILLOS, compareciendo los señores MIGUEL ANGEL MARTINEZ HERNANDEZ, la señora BLANCA ESTHELA MARTINEZ HERNANDEZ, representada por su Apoderada señora NANCY GABRIELA CAUDILLO MARTINEZ, la señora ROSA NELLY MARTINEZ HERNANDEZ, la señora PATRICIA MARTINEZ HERNANDEZ, la señora GLORIA LUISA MARTINEZ HERNANDEZ, y la señora MARTINA MAYRA SAUCEDO HERNANDEZ, manifestaron ser los Únicos y Universales Herederos, reconociéndose sus derechos hereditarios, aceptando la Herencia, y designando como Albacea a la heredera señora MARTINA MAYRA SAUCEDO HERNANDEZ, quien aceptó y protestó desempeñarlo fiel y legalmente, agregando que en su oportunidad procederá a formular el Inventario de los Bienes de la Herencia. Lo que se publicará por dos veces de diez en diez días en el Diario "El Porvenir" que se edita en esta Entidad, conforme lo dispone el Artículo 882 del Código de Procedimientos Civiles vigente en el Estado. Monterrey, Nuevo León, a 17 de Junio de 2026
LIC. CECILIA GUADALUPE FLORES LEAL
NOTARIO PÚBLICO No. 28
FOLC-700908-177
(29 y 9)
AVISO NOTARIAL
Con fecha 26 de mayo del 2026 se presentó en esta notaría los señores Oscar Salazar Sánchez, Oscar Mauricio y Patricio Andres de apellidos Salazar Sandoval denunciando la Sucesión Intestada a bienes de la señora NORA LETICIA SANDOVAL SANTOS. Exhibiendo la Acta de defunción de el autor de la Sucesión Intestamentaria donde los herederos y albacea Con fundamento en lo dispuesto en el párrafo final del artículo 882 del Código de Procedimientos Civiles de Nuevo León, se da a conocer por medio de dos publicaciones que se harán de diez en diez días en el periódico EL PORVENIR, que se edita en Monterrey, Nuevo León, que los herederos aceptan la herencia y que van a proceder a formular el inventario de los bienes de la herencia. APODACA, NUEVO LEON A 8 DE JUNIO DEL 2026
LIC. FRANCISCO JAVIER ELIZONDO PINEDA
NOTARIO PÚBLICO TITULAR
NÚMERO 83
EIPF-771229-LU1
(19 y 29)
AVISO NOTARIAL
Con fecha 26 de mayo del 2026 se presentó en esta notaría los señores Norma Alicia, Javier Alejandro, Rolando, José Ángel de apellidos Hernández Longoria denunciando la Sucesión Intestada a bienes del señor ROLANDO JAVIER CAVAZOS CAVAZOS. Exhibiendo la Acta de defunción de el autor de la Sucesión Intestamentaria donde los herederos y albacea Con fundamento en lo dispuesto en el párrafo final del artículo 882 del Código de Procedimientos Civiles de Nuevo León, se da a conocer por medio de dos publicaciones que se harán de diez en diez días en el periódico EL PORVENIR, que se edita en Monterrey, Nuevo León, que los herederos aceptan la herencia y que van a proceder a formular el inventario de los bienes de la herencia. APODACA, NUEVO LEON A 8 DE JUNIO DEL 2026
LIC. FRANCISCO JAVIER ELIZONDO PINEDA
NOTARIO PÚBLICO TITULAR
NÚMERO 83
EIPF-771229-LU1
(19 y 29)
AVISO NOTARIAL
Con fecha 2 de junio de 2026 se presentó en esta notaría la señora Obdulia Melchor Contreras por sus propios derechos y como apoderada de Eddy Jovanny, Helder Orlando, Christopher Jimmy, Mirosiava Joselin de apellidos Barrera Melchor, denunciando la Sucesión Intestada a bienes del señor EDDY AMILCAR BARRERA ZARCOS. Exhibiendo la Acta de defunción de el autor de la Sucesión Intestamentaria donde los herederos y albacea Con fundamento en lo dispuesto en el párrafo final del artículo 882 del Código de Procedimientos Civiles de Nuevo León, se da a conocer por medio de dos publicaciones que se harán de diez en diez días en el periódico EL PORVENIR, que se edita en Monterrey, Nuevo León, que los herederos aceptan la herencia y que van a proceder a formular el inventario de los bienes de la herencia. APODACA, NUEVO LEON A 8 DE JUNIO DEL 2026
LIC. FRANCISCO JAVIER ELIZONDO PINEDA
NOTARIO PÚBLICO TITULAR
NÚMERO 83
EIPF-771229-LU1
(19 y 29)
